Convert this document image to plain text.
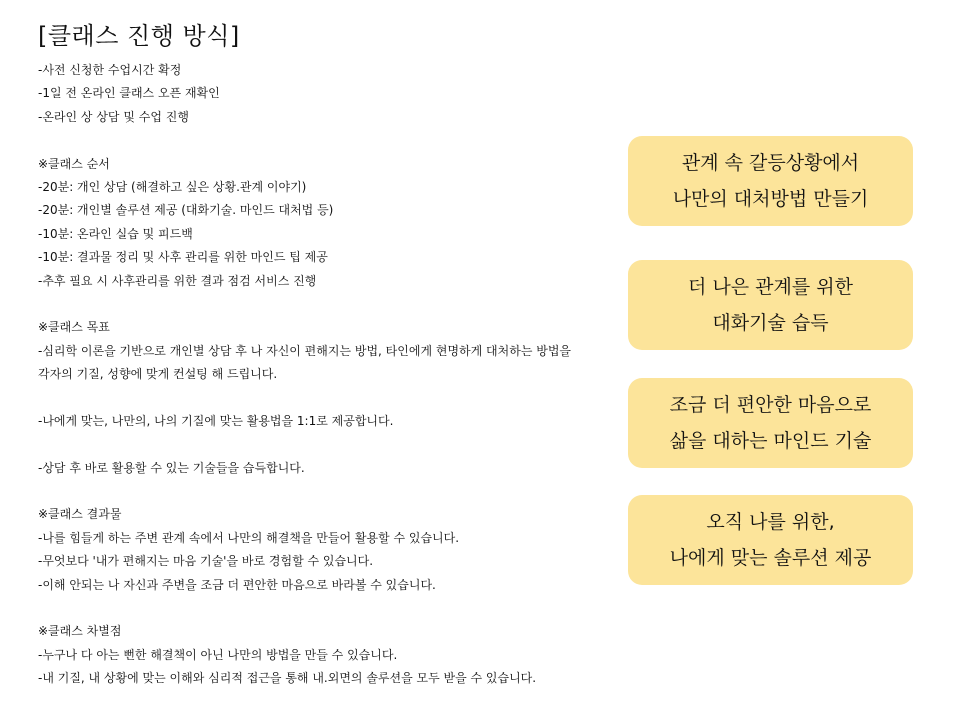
[클래스 진행 방식]
-사전 신청한 수업시간 확정
-1일 전 온라인 클래스 오픈 재확인
-온라인 상 상담 및 수업 진행
※클래스 순서
-20분: 개인 상담 (해결하고 싶은 상황.관계 이야기)
-20분: 개인별 솔루션 제공 (대화기술. 마인드 대처법 등)
-10분: 온라인 실습 및 피드백
-10분: 결과물 정리 및 사후 관리를 위한 마인드 팁 제공
-추후 필요 시 사후관리를 위한 결과 점검 서비스 진행
※클래스 목표
-심리학 이론을 기반으로 개인별 상담 후 나 자신이 편해지는 방법, 타인에게 현명하게 대처하는 방법을
각자의 기질, 성향에 맞게 컨설팅 해 드립니다.
-나에게 맞는, 나만의, 나의 기질에 맞는 활용법을 1:1로 제공합니다.
-상담 후 바로 활용할 수 있는 기술들을 습득합니다.
※클래스 결과물
-나를 힘들게 하는 주변 관계 속에서 나만의 해결책을 만들어 활용할 수 있습니다.
-무엇보다 '내가 편해지는 마음 기술'을 바로 경험할 수 있습니다.
-이해 안되는 나 자신과 주변을 조금 더 편안한 마음으로 바라볼 수 있습니다.
※클래스 차별점
-누구나 다 아는 뻔한 해결책이 아닌 나만의 방법을 만들 수 있습니다.
-내 기질, 내 상황에 맞는 이해와 심리적 접근을 통해 내.외면의 솔루션을 모두 받을 수 있습니다.
관계 속 갈등상황에서
나만의 대처방법 만들기
더 나은 관계를 위한
대화기술 습득
조금 더 편안한 마음으로
삶을 대하는 마인드 기술
오직 나를 위한,
나에게 맞는 솔루션 제공
